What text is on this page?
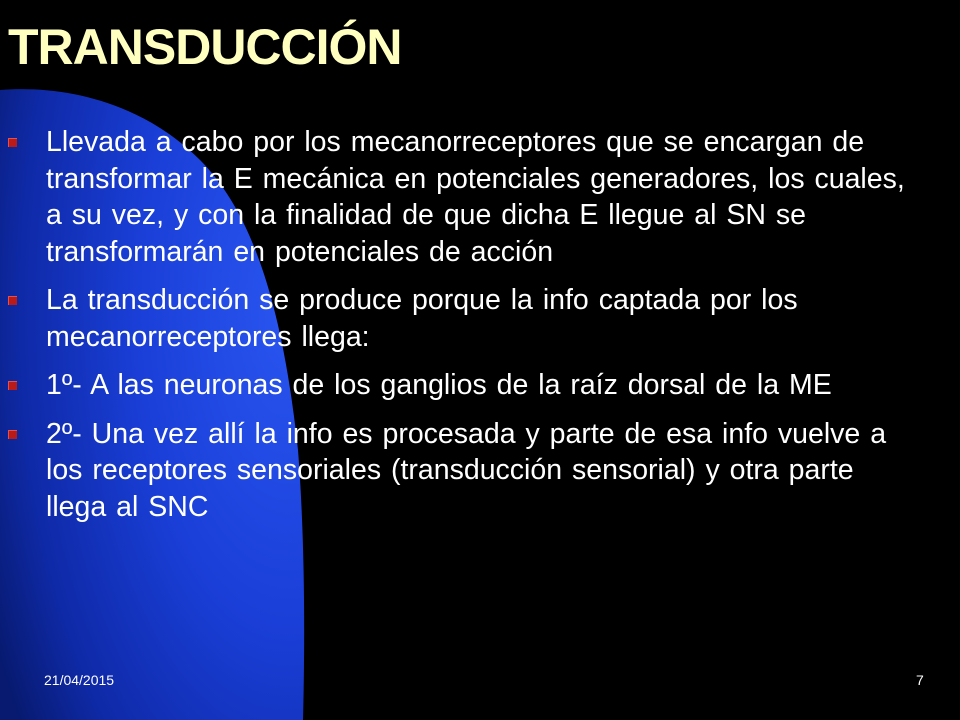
TRANSDUCCIÓN
Llevada a cabo por los mecanorreceptores que se encargan de transformar la E mecánica en potenciales generadores, los cuales, a su vez, y con la finalidad de que dicha E llegue al SN se transformarán en potenciales de acción
La transducción se produce porque la info captada por los mecanorreceptores llega:
1º- A las neuronas de los ganglios de la raíz dorsal de la ME
2º- Una vez allí la info es procesada y parte de esa info vuelve a los receptores sensoriales (transducción sensorial) y otra parte llega al SNC
21/04/2015	7
